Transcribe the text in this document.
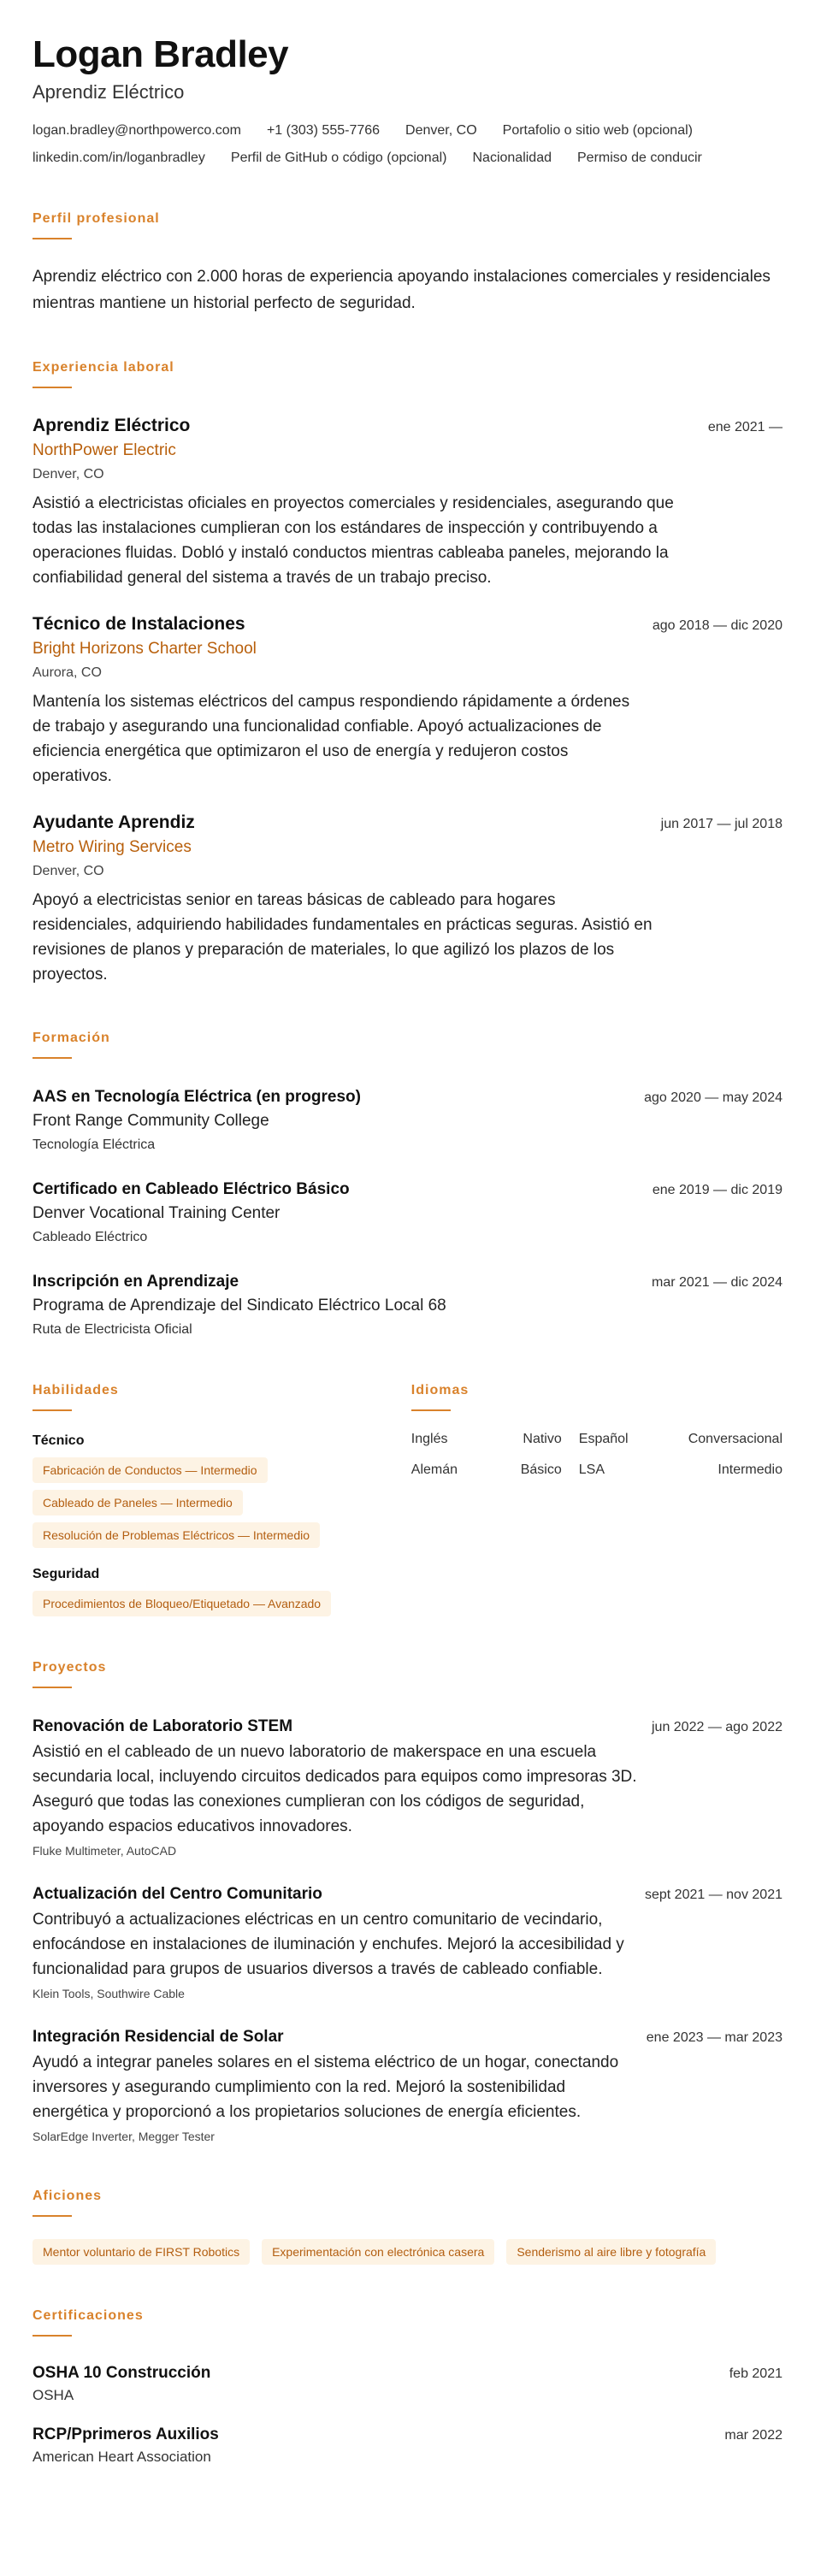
Logan Bradley
Aprendiz Eléctrico
logan.bradley@northpowerco.com +1 (303) 555-7766 Denver, CO Portafolio o sitio web (opcional)
linkedin.com/in/loganbradley Perfil de GitHub o código (opcional) Nacionalidad Permiso de conducir
Perfil profesional

Aprendiz eléctrico con 2.000 horas de experiencia apoyando instalaciones comerciales y residenciales mientras mantiene un historial perfecto de seguridad.

Experiencia laboral
Aprendiz Eléctrico	ene 2021 —
NorthPower Electric
Denver, CO

Asistió a electricistas oficiales en proyectos comerciales y residenciales, asegurando que todas las instalaciones cumplieran con los estándares de inspección y contribuyendo a operaciones fluidas. Dobló y instaló conductos mientras cableaba paneles, mejorando la confiabilidad general del sistema a través de un trabajo preciso.

Técnico de Instalaciones	ago 2018 — dic 2020
Bright Horizons Charter School
Aurora, CO

Mantenía los sistemas eléctricos del campus respondiendo rápidamente a órdenes de trabajo y asegurando una funcionalidad confiable. Apoyó actualizaciones de eficiencia energética que optimizaron el uso de energía y redujeron costos operativos.

Ayudante Aprendiz	jun 2017 — jul 2018
Metro Wiring Services
Denver, CO

Apoyó a electricistas senior en tareas básicas de cableado para hogares residenciales, adquiriendo habilidades fundamentales en prácticas seguras. Asistió en revisiones de planos y preparación de materiales, lo que agilizó los plazos de los proyectos.

Formación
AAS en Tecnología Eléctrica (en progreso)	ago 2020 — may 2024
Front Range Community College
Tecnología Eléctrica
Certificado en Cableado Eléctrico Básico	ene 2019 — dic 2019
Denver Vocational Training Center
Cableado Eléctrico
Inscripción en Aprendizaje	mar 2021 — dic 2024
Programa de Aprendizaje del Sindicato Eléctrico Local 68
Ruta de Electricista Oficial
Habilidades
Técnico
Fabricación de Conductos — Intermedio
Cableado de Paneles — Intermedio
Resolución de Problemas Eléctricos — Intermedio
Seguridad
Procedimientos de Bloqueo/Etiquetado — Avanzado
Idiomas
Inglés	Nativo Español	Conversacional
Alemán	Básico LSA	Intermedio
Proyectos
Renovación de Laboratorio STEM	jun 2022 — ago 2022

Asistió en el cableado de un nuevo laboratorio de makerspace en una escuela secundaria local, incluyendo circuitos dedicados para equipos como impresoras 3D. Aseguró que todas las conexiones cumplieran con los códigos de seguridad, apoyando espacios educativos innovadores.

Fluke Multimeter, AutoCAD
Actualización del Centro Comunitario	sept 2021 — nov 2021

Contribuyó a actualizaciones eléctricas en un centro comunitario de vecindario, enfocándose en instalaciones de iluminación y enchufes. Mejoró la accesibilidad y funcionalidad para grupos de usuarios diversos a través de cableado confiable.

Klein Tools, Southwire Cable
Integración Residencial de Solar	ene 2023 — mar 2023

Ayudó a integrar paneles solares en el sistema eléctrico de un hogar, conectando inversores y asegurando cumplimiento con la red. Mejoró la sostenibilidad energética y proporcionó a los propietarios soluciones de energía eficientes.

SolarEdge Inverter, Megger Tester
Aficiones
Mentor voluntario de FIRST Robotics	Experimentación con electrónica casera	Senderismo al aire libre y fotografía
Certificaciones
OSHA 10 Construcción	feb 2021
OSHA
RCP/Pprimeros Auxilios	mar 2022
American Heart Association
